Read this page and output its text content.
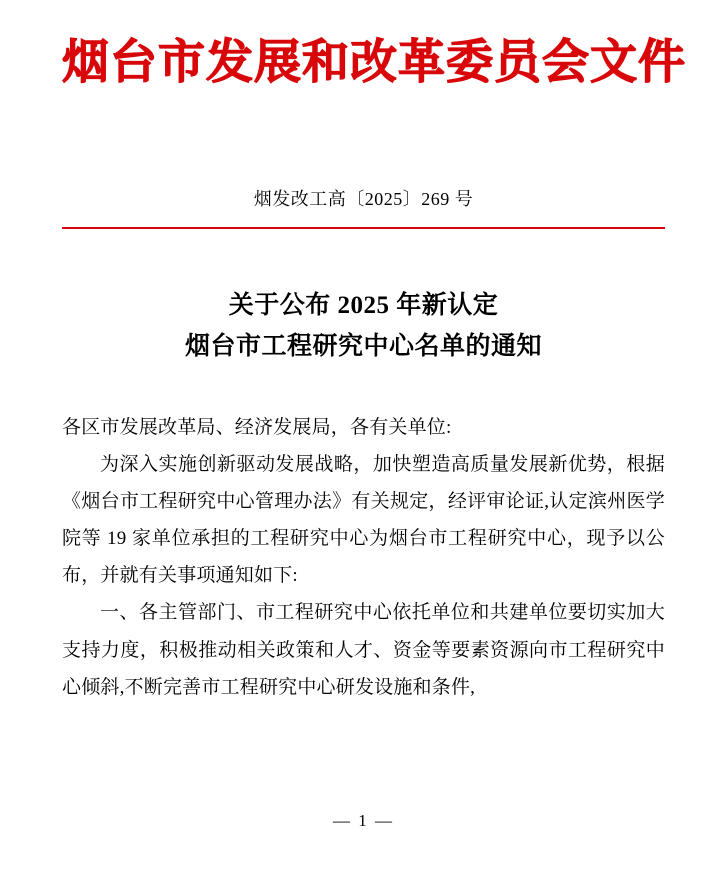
烟台市发展和改革委员会文件
烟发改工高〔2025〕269 号
关于公布 2025 年新认定
烟台市工程研究中心名单的通知

各区市发展改革局、经济发展局，各有关单位:

为深入实施创新驱动发展战略，加快塑造高质量发展新优势，根据《烟台市工程研究中心管理办法》有关规定，经评审论证,认定滨州医学院等 19 家单位承担的工程研究中心为烟台市工程研究中心，现予以公布，并就有关事项通知如下:

一、各主管部门、市工程研究中心依托单位和共建单位要切实加大支持力度，积极推动相关政策和人才、资金等要素资源向市工程研究中心倾斜,不断完善市工程研究中心研发设施和条件,

— 1 —
